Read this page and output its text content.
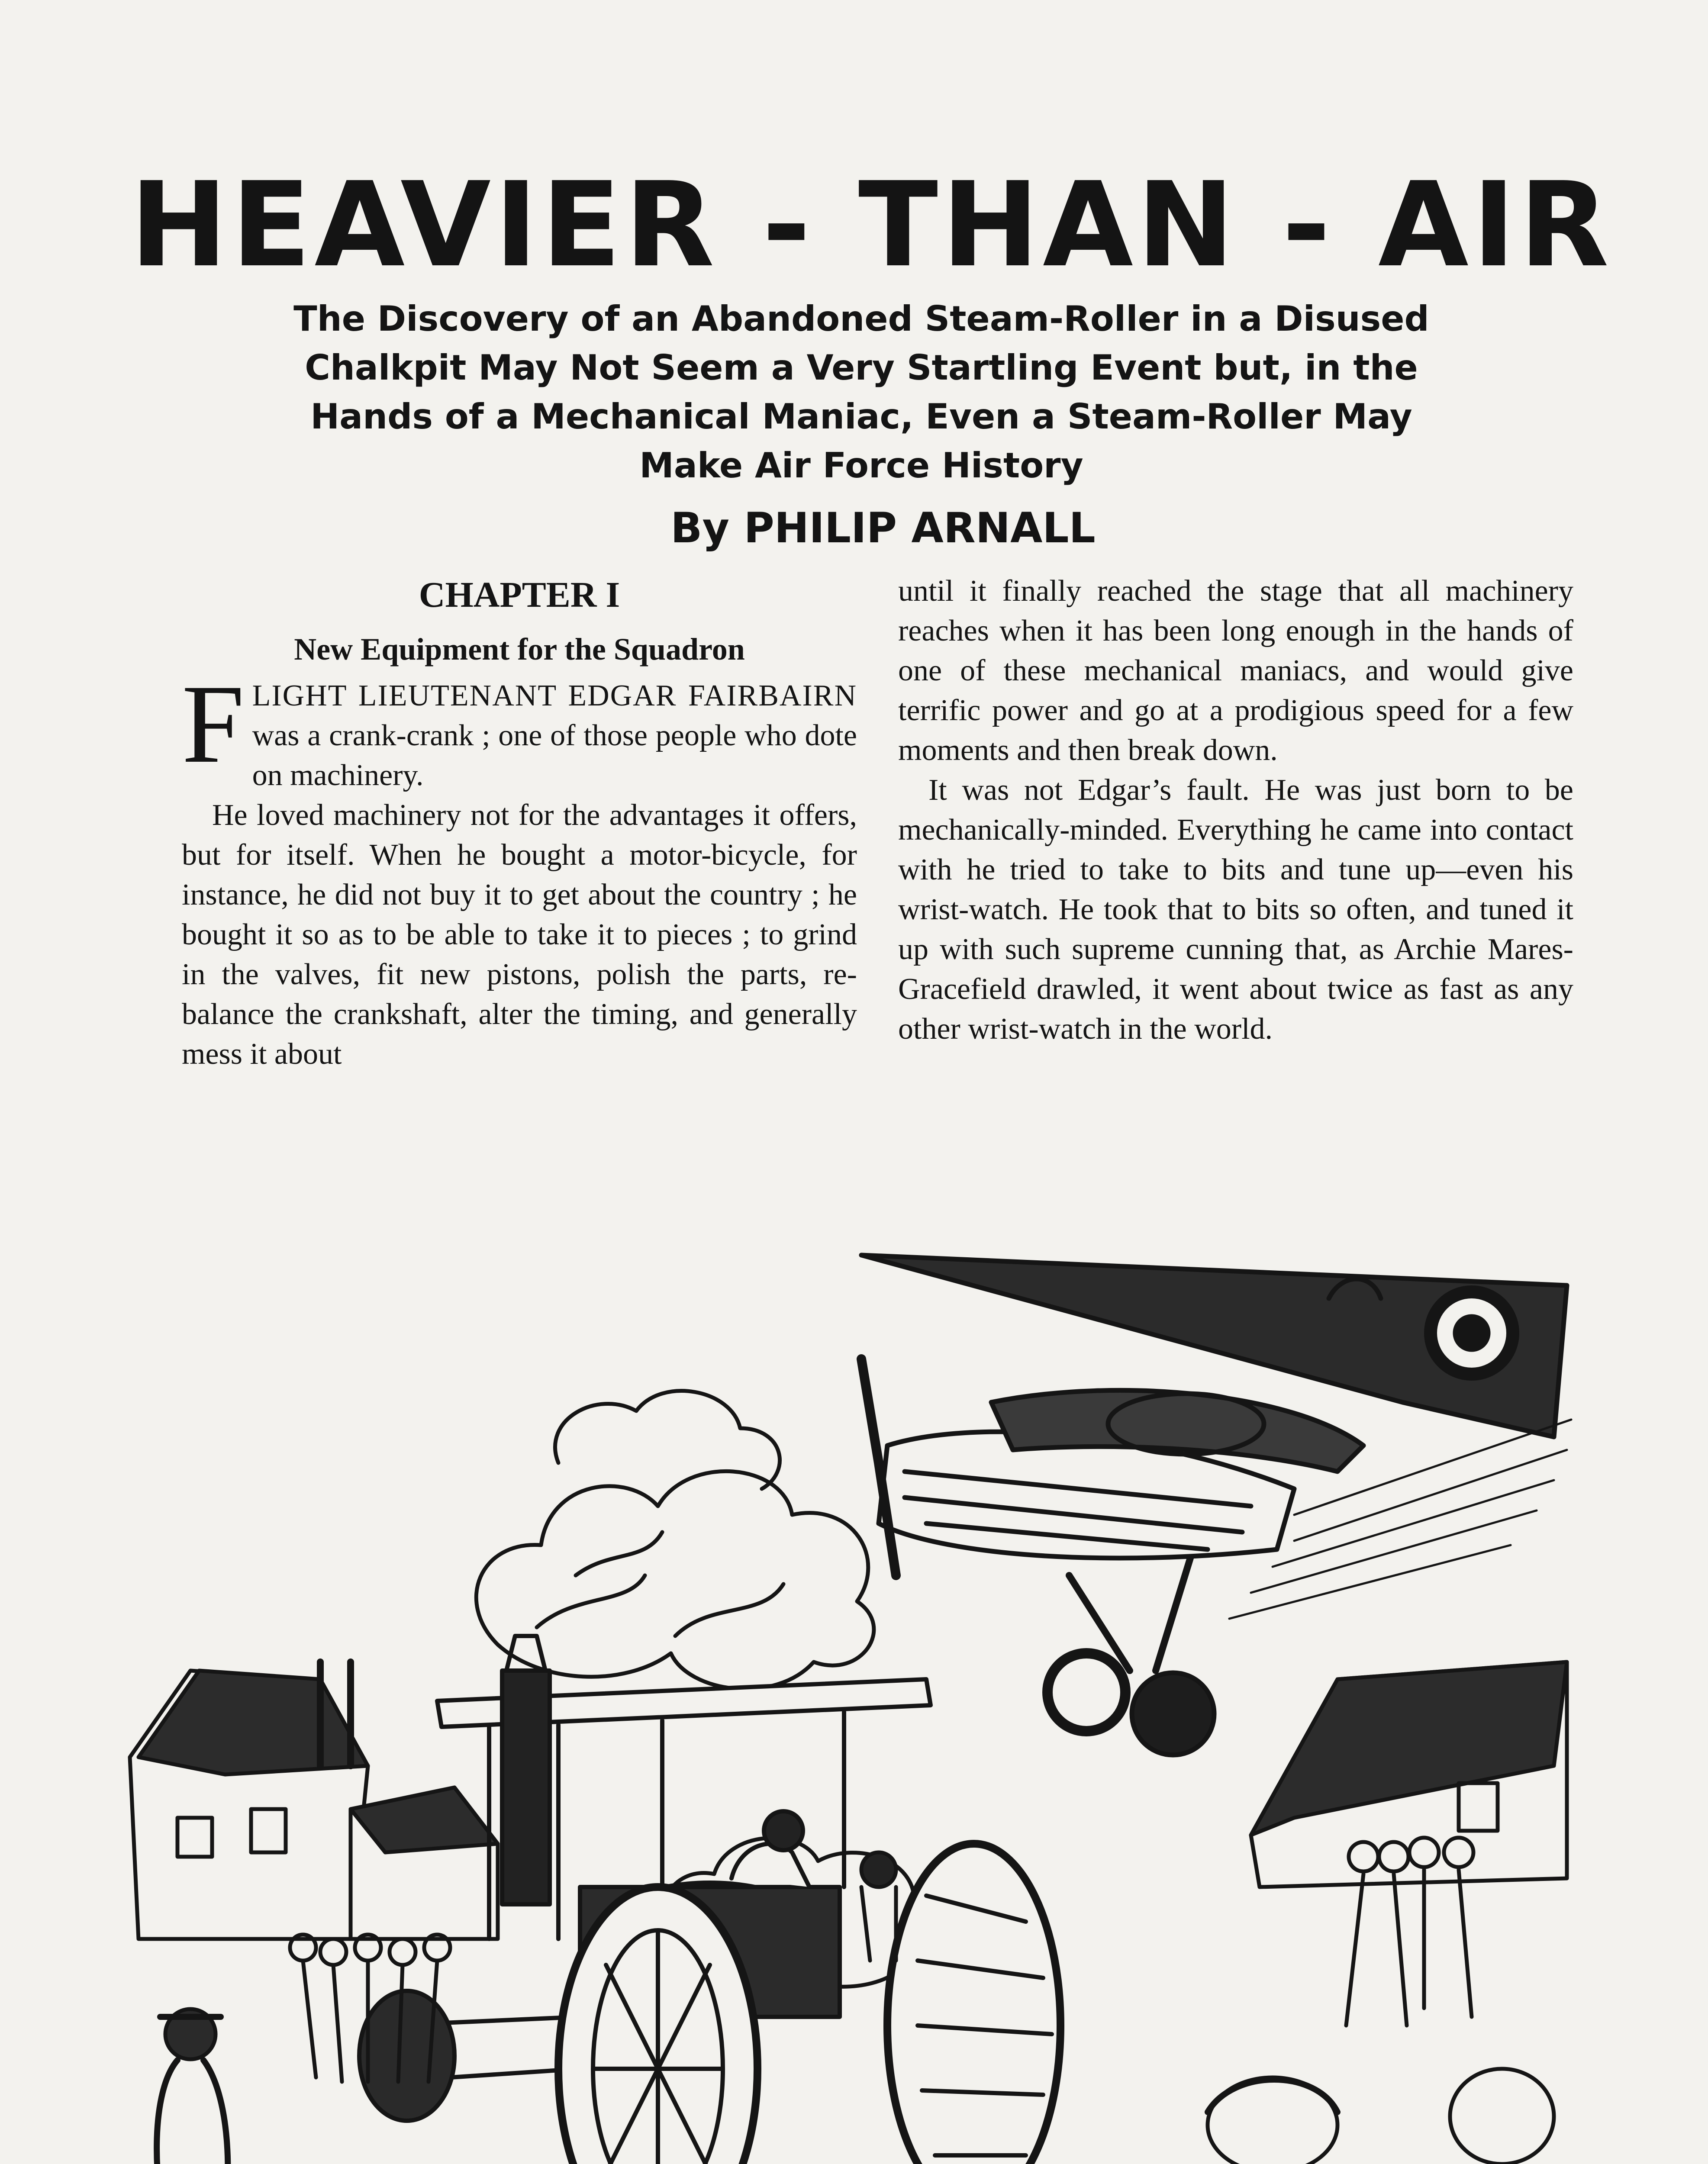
HEAVIER - THAN - AIR
The Discovery of an Abandoned Steam-Roller in a Disused Chalkpit May Not Seem a Very Startling Event but, in the Hands of a Mechanical Maniac, Even a Steam-Roller May Make Air Force History
By PHILIP ARNALL
CHAPTER I
New Equipment for the Squadron

FLIGHT LIEUTENANT EDGAR FAIRBAIRN was a crank-crank ; one of those people who dote on machinery.

He loved machinery not for the advantages it offers, but for itself. When he bought a motor-bicycle, for instance, he did not buy it to get about the country ; he bought it so as to be able to take it to pieces ; to grind in the valves, fit new pistons, polish the parts, re-balance the crankshaft, alter the timing, and generally mess it about

until it finally reached the stage that all machinery reaches when it has been long enough in the hands of one of these mechanical maniacs, and would give terrific power and go at a prodigious speed for a few moments and then break down.

It was not Edgar’s fault. He was just born to be mechanically-minded. Everything he came into contact with he tried to take to bits and tune up—even his wrist-watch. He took that to bits so often, and tuned it up with such supreme cunning that, as Archie Mares-Gracefield drawled, it went about twice as fast as any other wrist-watch in the world.
